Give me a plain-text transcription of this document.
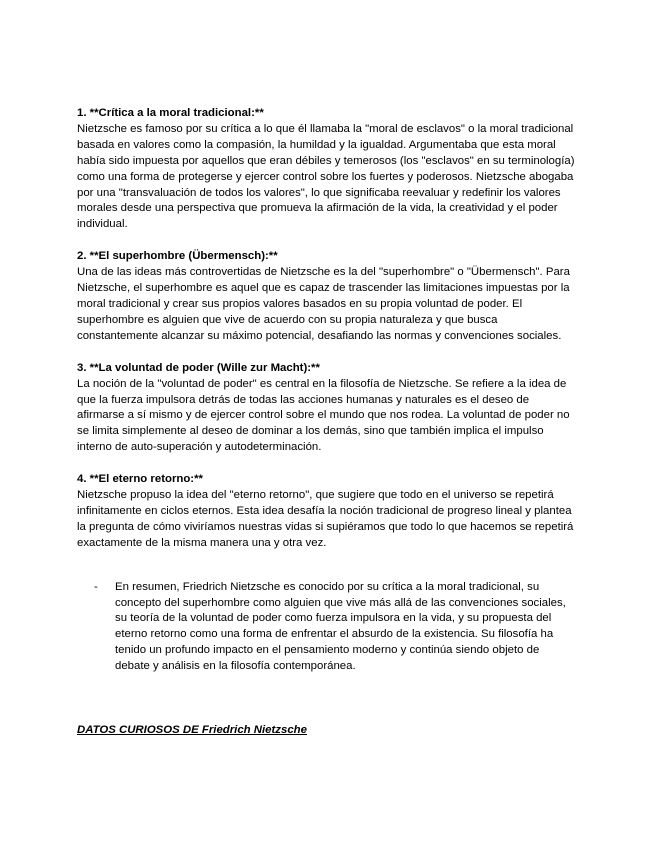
1. **Crítica a la moral tradicional:**

Nietzsche es famoso por su crítica a lo que él llamaba la "moral de esclavos" o la moral tradicional basada en valores como la compasión, la humildad y la igualdad. Argumentaba que esta moral había sido impuesta por aquellos que eran débiles y temerosos (los "esclavos" en su terminología) como una forma de protegerse y ejercer control sobre los fuertes y poderosos. Nietzsche abogaba por una "transvaluación de todos los valores", lo que significaba reevaluar y redefinir los valores morales desde una perspectiva que promueva la afirmación de la vida, la creatividad y el poder individual.

2. **El superhombre (Übermensch):**

Una de las ideas más controvertidas de Nietzsche es la del "superhombre" o "Übermensch". Para Nietzsche, el superhombre es aquel que es capaz de trascender las limitaciones impuestas por la moral tradicional y crear sus propios valores basados en su propia voluntad de poder. El superhombre es alguien que vive de acuerdo con su propia naturaleza y que busca constantemente alcanzar su máximo potencial, desafiando las normas y convenciones sociales.

3. **La voluntad de poder (Wille zur Macht):**

La noción de la "voluntad de poder" es central en la filosofía de Nietzsche. Se refiere a la idea de que la fuerza impulsora detrás de todas las acciones humanas y naturales es el deseo de afirmarse a sí mismo y de ejercer control sobre el mundo que nos rodea. La voluntad de poder no se limita simplemente al deseo de dominar a los demás, sino que también implica el impulso interno de auto-superación y autodeterminación.

4. **El eterno retorno:**

Nietzsche propuso la idea del "eterno retorno", que sugiere que todo en el universo se repetirá infinitamente en ciclos eternos. Esta idea desafía la noción tradicional de progreso lineal y plantea la pregunta de cómo viviríamos nuestras vidas si supiéramos que todo lo que hacemos se repetirá exactamente de la misma manera una y otra vez.

-	En resumen, Friedrich Nietzsche es conocido por su crítica a la moral tradicional, su concepto del superhombre como alguien que vive más allá de las convenciones sociales, su teoría de la voluntad de poder como fuerza impulsora en la vida, y su propuesta del eterno retorno como una forma de enfrentar el absurdo de la existencia. Su filosofía ha tenido un profundo impacto en el pensamiento moderno y continúa siendo objeto de debate y análisis en la filosofía contemporánea.

DATOS CURIOSOS DE Friedrich Nietzsche
